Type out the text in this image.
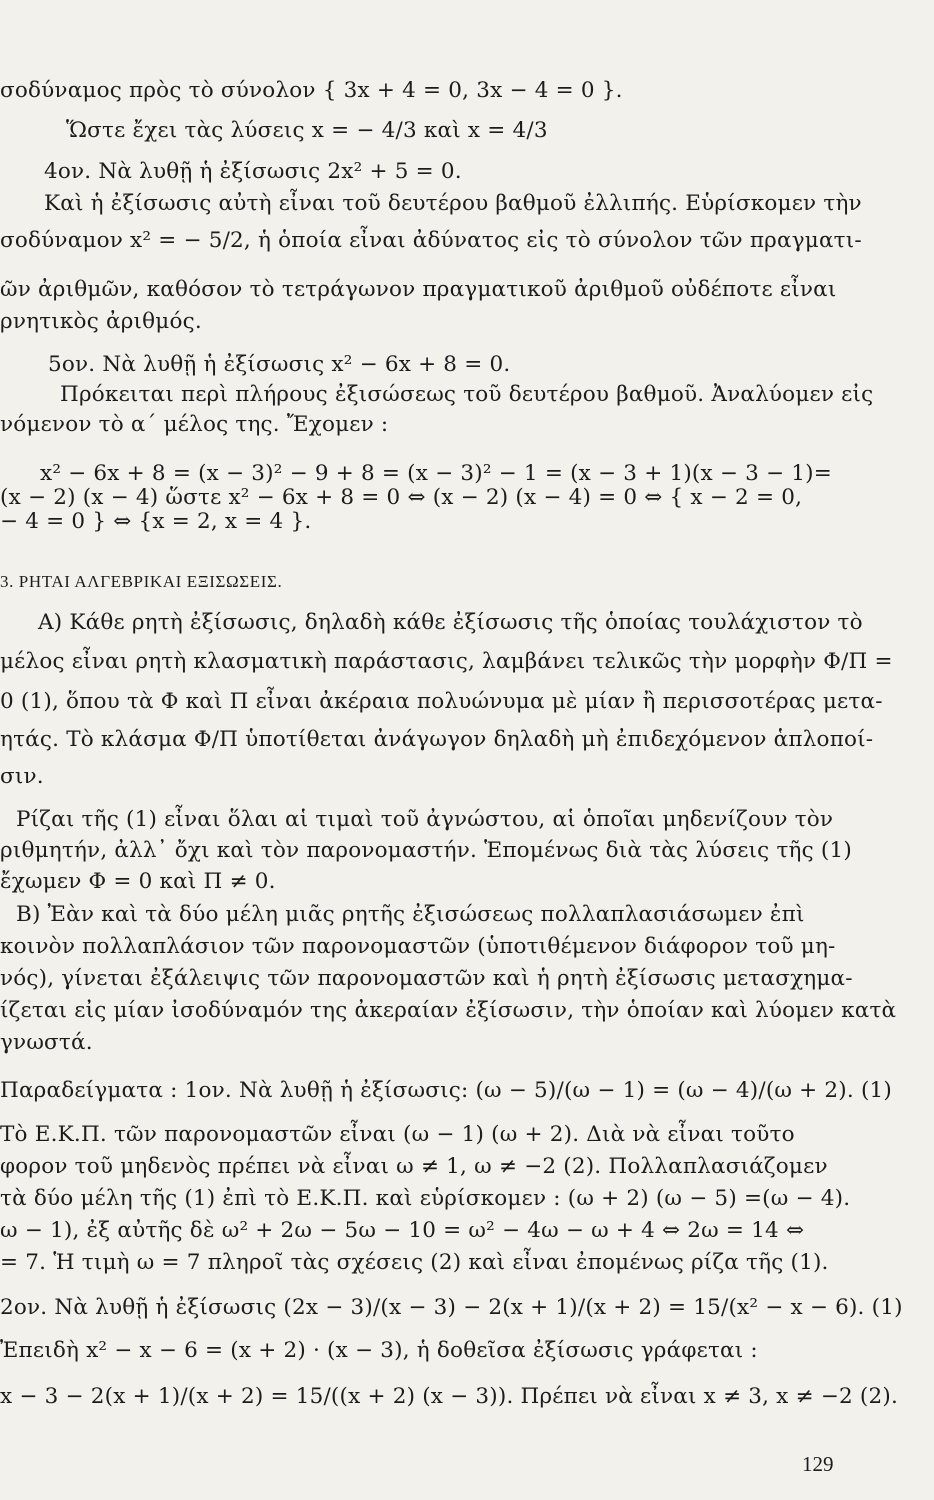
σοδύναμος πρὸς τὸ σύνολον { 3x + 4 = 0, 3x − 4 = 0 }.
Ὥστε ἔχει τὰς λύσεις x = − 4/3 καὶ x = 4/3
4ον. Νὰ λυθῇ ἡ ἐξίσωσις 2x² + 5 = 0.
Καὶ ἡ ἐξίσωσις αὐτὴ εἶναι τοῦ δευτέρου βαθμοῦ ἐλλιπής. Εὑρίσκομεν τὴν
σοδύναμον x² = − 5/2, ἡ ὁποία εἶναι ἀδύνατος εἰς τὸ σύνολον τῶν πραγματι-
ῶν ἀριθμῶν, καθόσον τὸ τετράγωνον πραγματικοῦ ἀριθμοῦ οὐδέποτε εἶναι
ρνητικὸς ἀριθμός.
5ον. Νὰ λυθῇ ἡ ἐξίσωσις x² − 6x + 8 = 0.
Πρόκειται περὶ πλήρους ἐξισώσεως τοῦ δευτέρου βαθμοῦ. Ἀναλύομεν εἰς
νόμενον τὸ α΄ μέλος της. Ἔχομεν :
x² − 6x + 8 = (x − 3)² − 9 + 8 = (x − 3)² − 1 = (x − 3 + 1)(x − 3 − 1)=
(x − 2) (x − 4) ὥστε x² − 6x + 8 = 0 ⇔ (x − 2) (x − 4) = 0 ⇔ { x − 2 = 0,
− 4 = 0 } ⇔ {x = 2, x = 4 }.
3. ΡΗΤΑΙ ΑΛΓΕΒΡΙΚΑΙ ΕΞΙΣΩΣΕΙΣ.
Α) Κάθε ρητὴ ἐξίσωσις, δηλαδὴ κάθε ἐξίσωσις τῆς ὁποίας τουλάχιστον τὸ
μέλος εἶναι ρητὴ κλασματικὴ παράστασις, λαμβάνει τελικῶς τὴν μορφὴν Φ/Π =
0 (1), ὅπου τὰ Φ καὶ Π εἶναι ἀκέραια πολυώνυμα μὲ μίαν ἢ περισσοτέρας μετα-
ητάς. Τὸ κλάσμα Φ/Π ὑποτίθεται ἀνάγωγον δηλαδὴ μὴ ἐπιδεχόμενον ἁπλοποί-
σιν.
Ρίζαι τῆς (1) εἶναι ὅλαι αἱ τιμαὶ τοῦ ἀγνώστου, αἱ ὁποῖαι μηδενίζουν τὸν
ριθμητήν, ἀλλ᾽ ὄχι καὶ τὸν παρονομαστήν. Ἑπομένως διὰ τὰς λύσεις τῆς (1)
ἔχωμεν Φ = 0 καὶ Π ≠ 0.
Β) Ἐὰν καὶ τὰ δύο μέλη μιᾶς ρητῆς ἐξισώσεως πολλαπλασιάσωμεν ἐπὶ
κοινὸν πολλαπλάσιον τῶν παρονομαστῶν (ὑποτιθέμενον διάφορον τοῦ μη-
νός), γίνεται ἐξάλειψις τῶν παρονομαστῶν καὶ ἡ ρητὴ ἐξίσωσις μετασχημα-
ίζεται εἰς μίαν ἰσοδύναμόν της ἀκεραίαν ἐξίσωσιν, τὴν ὁποίαν καὶ λύομεν κατὰ
γνωστά.
Παραδείγματα : 1ον. Νὰ λυθῇ ἡ ἐξίσωσις: (ω − 5)/(ω − 1) = (ω − 4)/(ω + 2). (1)
Τὸ Ε.Κ.Π. τῶν παρονομαστῶν εἶναι (ω − 1) (ω + 2). Διὰ νὰ εἶναι τοῦτο
φορον τοῦ μηδενὸς πρέπει νὰ εἶναι ω ≠ 1, ω ≠ −2 (2). Πολλαπλασιάζομεν
τὰ δύο μέλη τῆς (1) ἐπὶ τὸ Ε.Κ.Π. καὶ εὑρίσκομεν : (ω + 2) (ω − 5) =(ω − 4).
ω − 1), ἐξ αὐτῆς δὲ ω² + 2ω − 5ω − 10 = ω² − 4ω − ω + 4 ⇔ 2ω = 14 ⇔
= 7. Ἡ τιμὴ ω = 7 πληροῖ τὰς σχέσεις (2) καὶ εἶναι ἐπομένως ρίζα τῆς (1).
2ον. Νὰ λυθῇ ἡ ἐξίσωσις (2x − 3)/(x − 3) − 2(x + 1)/(x + 2) = 15/(x² − x − 6). (1)
Ἐπειδὴ x² − x − 6 = (x + 2) · (x − 3), ἡ δοθεῖσα ἐξίσωσις γράφεται :
x − 3 − 2(x + 1)/(x + 2) = 15/((x + 2) (x − 3)). Πρέπει νὰ εἶναι x ≠ 3, x ≠ −2 (2).
129
